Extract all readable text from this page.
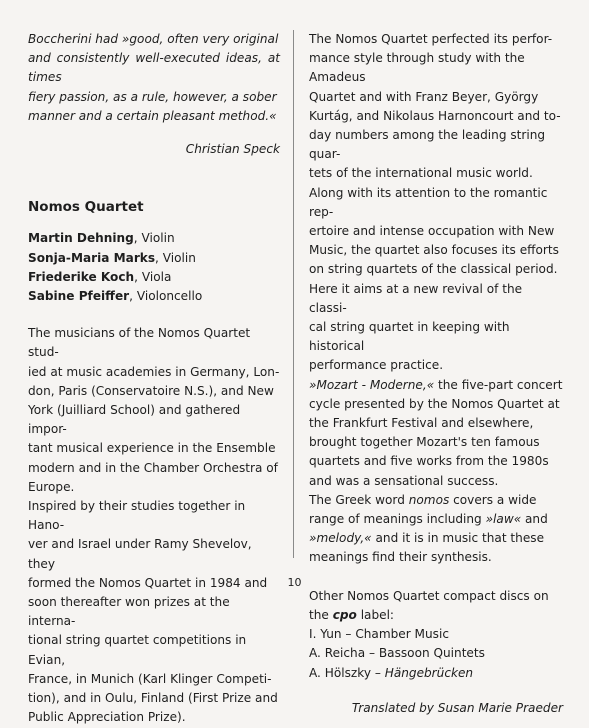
Boccherini had »good, often very original
and consistently well-executed ideas, at times
fiery passion, as a rule, however, a sober
manner and a certain pleasant method.«

Christian Speck
Nomos Quartet
Martin Dehning, Violin
Sonja-Maria Marks, Violin
Friederike Koch, Viola
Sabine Pfeiffer, Violoncello

The musicians of the Nomos Quartet stud-
ied at music academies in Germany, Lon-
don, Paris (Conservatoire N.S.), and New
York (Juilliard School) and gathered impor-
tant musical experience in the Ensemble
modern and in the Chamber Orchestra of
Europe.

Inspired by their studies together in Hano-
ver and Israel under Ramy Shevelov, they
formed the Nomos Quartet in 1984 and
soon thereafter won prizes at the interna-
tional string quartet competitions in Evian,
France, in Munich (Karl Klinger Competi-
tion), and in Oulu, Finland (First Prize and
Public Appreciation Prize).

The Nomos Quartet perfected its perfor-
mance style through study with the Amadeus
Quartet and with Franz Beyer, György
Kurtág, and Nikolaus Harnoncourt and to-
day numbers among the leading string quar-
tets of the international music world.

Along with its attention to the romantic rep-
ertoire and intense occupation with New
Music, the quartet also focuses its efforts
on string quartets of the classical period.
Here it aims at a new revival of the classi-
cal string quartet in keeping with historical
performance practice.

»Mozart - Moderne,« the five-part concert
cycle presented by the Nomos Quartet at
the Frankfurt Festival and elsewhere,
brought together Mozart's ten famous
quartets and five works from the 1980s
and was a sensational success.

The Greek word nomos covers a wide
range of meanings including »law« and
»melody,« and it is in music that these
meanings find their synthesis.

Other Nomos Quartet compact discs on
the cpo label:
I. Yun – Chamber Music
A. Reicha – Bassoon Quintets
A. Hölszky – Hängebrücken

Translated by Susan Marie Praeder
10
